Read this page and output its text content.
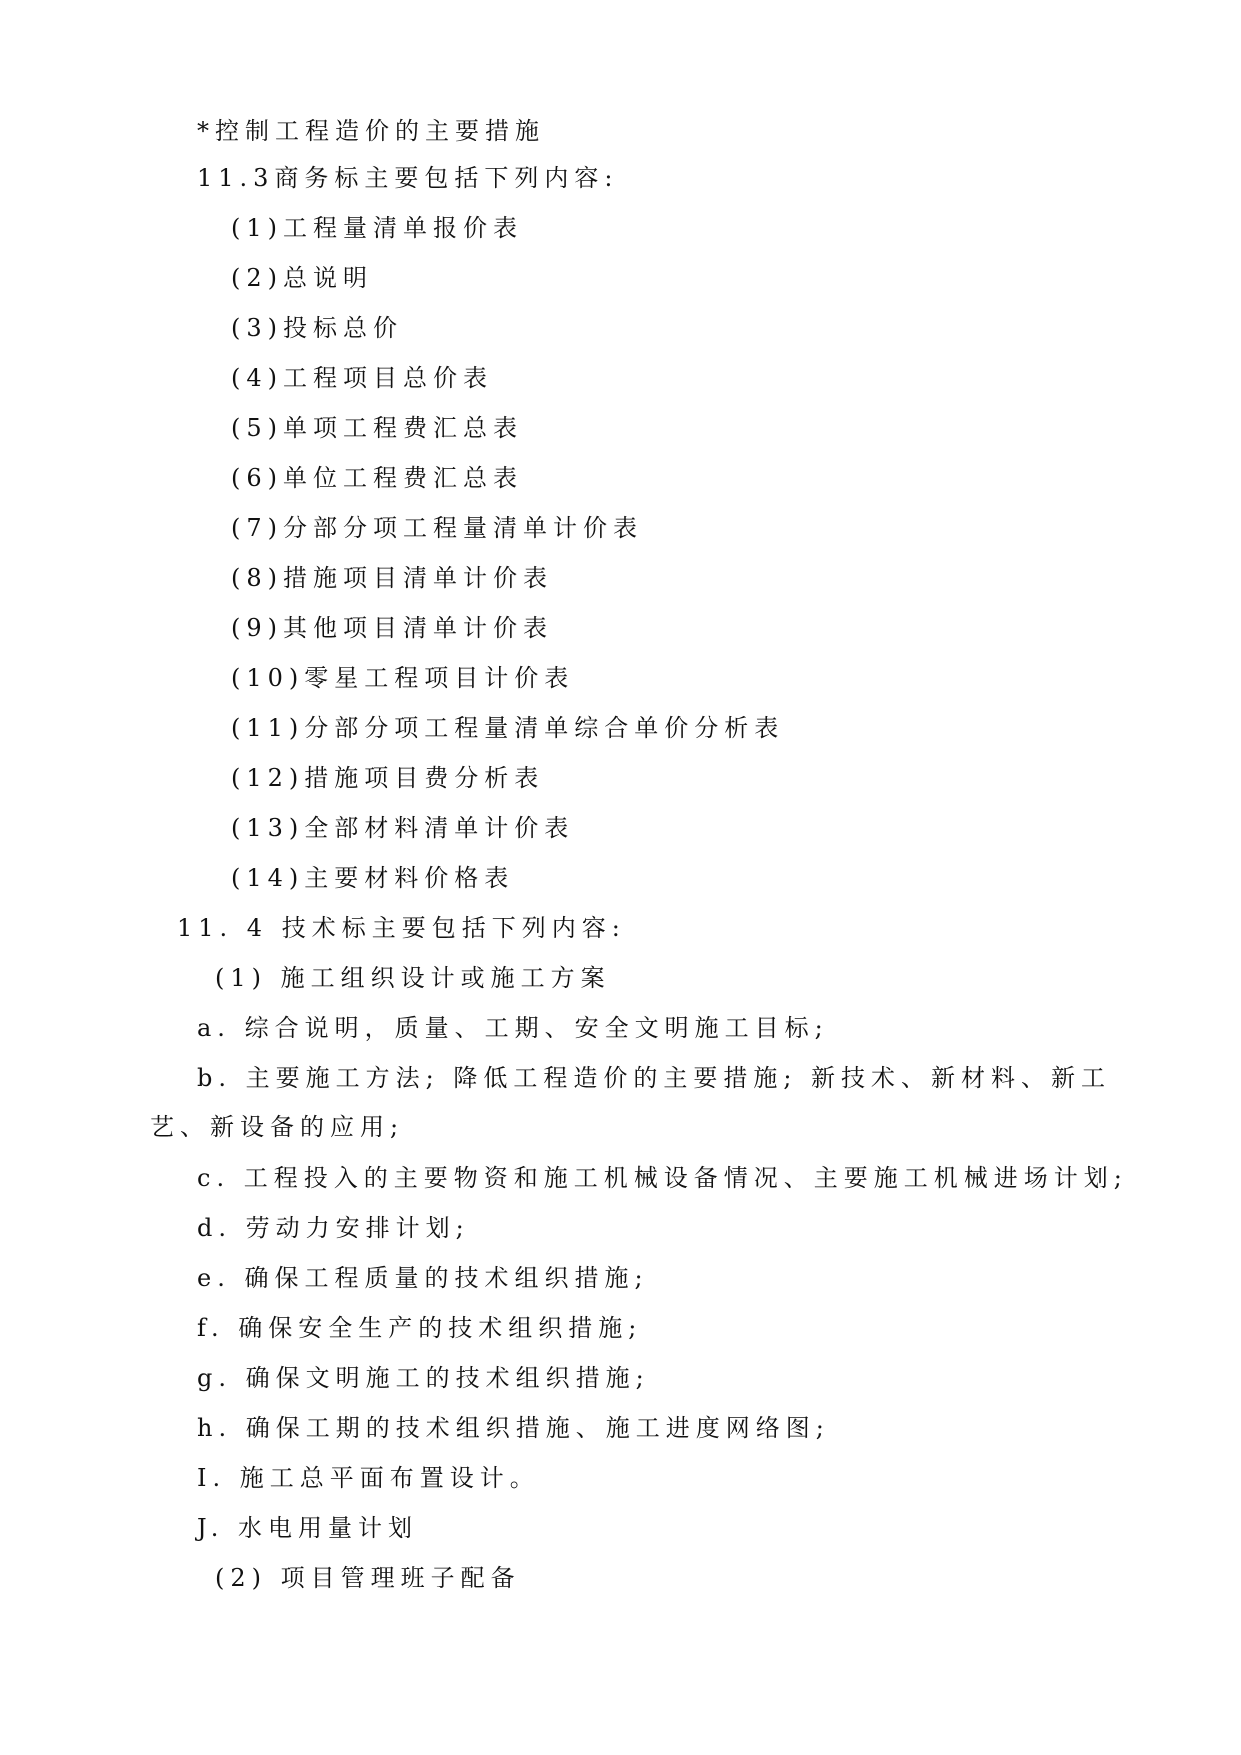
*控制工程造价的主要措施
11.3商务标主要包括下列内容:
(1)工程量清单报价表
(2)总说明
(3)投标总价
(4)工程项目总价表
(5)单项工程费汇总表
(6)单位工程费汇总表
(7)分部分项工程量清单计价表
(8)措施项目清单计价表
(9)其他项目清单计价表
(10)零星工程项目计价表
(11)分部分项工程量清单综合单价分析表
(12)措施项目费分析表
(13)全部材料清单计价表
(14)主要材料价格表
11. 4 技术标主要包括下列内容:
(1) 施工组织设计或施工方案
a. 综合说明，质量、工期、安全文明施工目标;
b. 主要施工方法; 降低工程造价的主要措施; 新技术、新材料、新工艺、新设备的应用;
c. 工程投入的主要物资和施工机械设备情况、主要施工机械进场计划;
d. 劳动力安排计划;
e. 确保工程质量的技术组织措施;
f. 确保安全生产的技术组织措施;
g. 确保文明施工的技术组织措施;
h. 确保工期的技术组织措施、施工进度网络图;
I. 施工总平面布置设计。
J. 水电用量计划
(2) 项目管理班子配备
